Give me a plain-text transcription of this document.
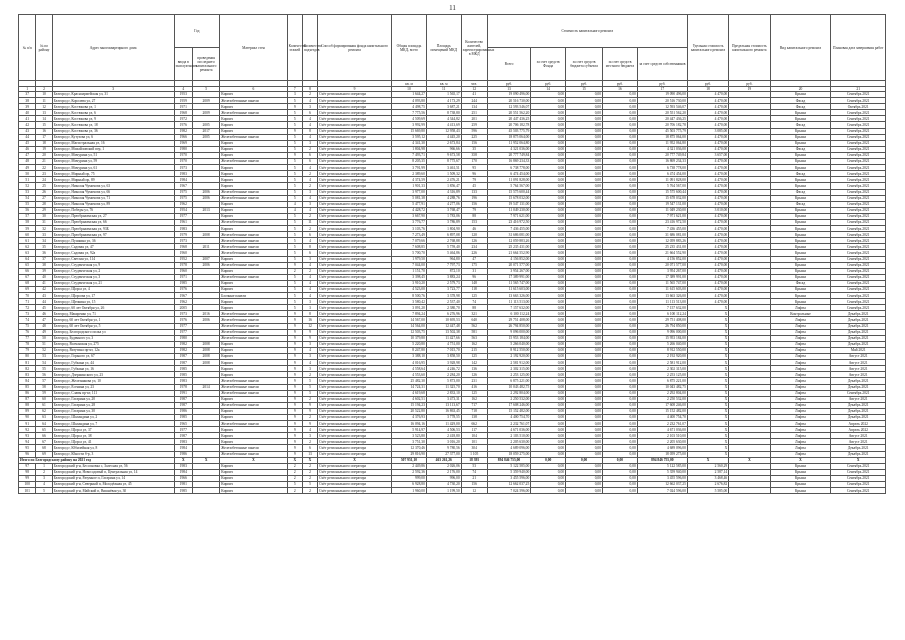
11
№ п/п	№ по району	Адрес многоквартирного дома	Год		Материал стен	Количество этажей	Количество подъездов	Способ формирования фонда капитального ремонта	Общая площадь МКД, всего	Площадь помещений МКД	Количество жителей, зарегистрированных в МКД	Стоимость капитального ремонта					Удельная стоимость капитального ремонта	Предельная стоимость капитального ремонта	Вид капитального ремонта	Плановая дата завершения работ
			ввода в эксплуатацию	проведения последнего капитального ремонта								Всего	за счет средств Фонда	за счет средств бюджета субъекта	за счет средств местного бюджета	за счет средств собственников				
									кв. м	кв. м	чел.	руб.	руб.	руб.	руб.	руб.	руб.	руб.		
1	2	3	4	5	6	7	8	9	10	11	12	13	14	15	16	17	18	19	20	21
37	10	Белгород г, Красноармейская ул, 31	1953		Кирпич	3	2	Счёт регионального оператора	1 644,27	1 565,17	41	19 090 496,00	0,00	0,00	0,00	19 090 496,00	4 470,00		Крыша	Сентябрь 2021
38	11	Белгород г, Королева ул, 27	1959	2009	Железобетонные панели	5	4	Счёт регионального оператора	4 093,80	4 173,29	244	20 516 730,00	0,00	0,00	0,00	20 516 730,00	4 470,00		Фасад	Сентябрь 2021
39	12	Белгород г, Костюкова ул, 1	1971		Кирпич	9	3	Счёт регионального оператора	4 498,75	3 687,21	134	12 593 546,07	0,00	0,00	0,00	12 593 546,07	4 470,00		Фасад	Октябрь 2021
40	13	Белгород г, Костюкова ул, 6	1968	2009	Железобетонные панели	5	6	Счёт регионального оператора	7 775,56	8 738,80	251	20 551 562,20	0,00	0,00	0,00	20 551 562,20	4 470,00		Крыша	Сентябрь 2021
41	14	Белгород г, Костюкова ул, 9	1972		Кирпич	5	4	Счёт регионального оператора	4 509,69	4 344,82	201	20 447 436,25	0,00	0,00	0,00	20 447 436,25	4 470,00		Крыша	Сентябрь 2021
42	15	Белгород г, Костюкова ул, 18	1976	2005	Кирпич	5	4	Счёт регионального оператора	3 992,99	4 413,69	259	20 706 182,78	0,00	0,00	0,00	20 706 182,78	4 470,00		Фасад	Сентябрь 2021
43	16	Белгород г, Костюкова ул, 36	1982	2017	Кирпич	9	8	Счёт регионального оператора	15 669,80	12 958,43	596	45 503 775,79	0,00	0,00	0,00	45 503 775,79	3 085,00		Крыша	Сентябрь 2021
44	17	Белгород г, Кутузова ул, 6	1966	2005	Железобетонные панели	5	4	Счёт регионального оператора	3 595,12	4 445,20	225	18 875 064,00	0,00	0,00	0,00	18 875 064,00	4 470,00		Крыша	Сентябрь 2021
45	18	Белгород г, Магистральная ул, 16	1969		Кирпич	5	3	Счёт регионального оператора	4 341,30	2 673,84	156	11 952 064,80	0,00	0,00	0,00	11 952 064,80	4 470,00		Крыша	Сентябрь 2021
46	19	Белгород г, Михайловский пер, 1	1980		Кирпич	5	2	Счёт регионального оператора	1 804,98	966,66	35	4 321 036,00	0,00	0,00	0,00	4 321 036,00	4 470,00		Фасад	Сентябрь 2021
47	20	Белгород г, Мичурина ул, 51	1970		Кирпич	9	6	Счёт регионального оператора	7 493,71	9 673,58	358	20 777 749,84	0,00	0,00	0,00	20 777 749,84	3 657,00		Крыша	Сентябрь 2021
48	21	Белгород г, Мичурина ул, 59	1970		Железобетонные панели	5	6	Счёт регионального оператора	8 205,35	8 775,67	170	16 869 234,33	0,00	0,00	0,00	16 869 234,33	4 470,00		Крыша	Сентябрь 2021
49	22	Белгород г, Мичурина ул, 61	1973		Кирпич	5	4	Счёт регионального оператора	3 791,99	3 461,51	95	6 738 778,00	0,00	0,00	0,00	6 738 778,00	4 470,00		Крыша	Сентябрь 2021
50	23	Белгород г, Мирный пр, 75	1983		Кирпич	5	2	Счёт регионального оператора	2 389,60	1 509,32	96	6 474 454,00	0,00	0,00	0,00	6 474 454,00	4 470,00		Фасад	Сентябрь 2021
51	24	Белгород г, Мирный пр, 89	1984		Кирпич	5	4	Счёт регионального оператора	4 374,59	2 476,21	79	11 091 828,00	0,00	0,00	0,00	11 091 828,00	4 470,00		Крыша	Сентябрь 2021
52	25	Белгород г, Николая Чумичова ул, 63	1967		Кирпич	5	2	Счёт регионального оператора	1 901,33	1 856,47	45	5 764 567,00	0,00	0,00	0,00	5 764 567,00	4 470,00		Крыша	Сентябрь 2021
53	26	Белгород г, Николая Чумичова ул, 66	1975	2006	Железобетонные панели	5	3	Счёт регионального оператора	3 977,00	4 316,89	133	15 575 600,44	0,00	0,00	0,00	15 575 600,44	4 470,00		Фасад	Сентябрь 2021
54	27	Белгород г, Николая Чумичова ул, 71	1975	2006	Железобетонные панели	5	4	Счёт регионального оператора	5 081,38	4 288,76	196	15 678 032,00	0,00	0,00	0,00	15 678 032,00	4 470,00		Крыша	Сентябрь 2021
55	28	Белгород г, Николая Чумичова ул, 89	1962		Кирпич	4	3	Счёт регионального оператора	5 477,91	4 277,06	156	19 547 131,00	0,00	0,00	0,00	19 547 131,00	4 470,00		Фасад	Сентябрь 2021
56	29	Белгород г, Победы ул, 76	1954	2013	Кирпич	4	4	Счёт регионального оператора	4 428,72	3 768,47	79	11 049 230,00	0,00	0,00	0,00	11 049 230,00	3 010,00		Крыша	Сентябрь 2021
57	30	Белгород г, Преображенская ул, 27	1977		Кирпич	5	2	Счёт регионального оператора	3 667,90	1 783,06	88	7 971 621,00	0,00	0,00	0,00	7 971 621,00	4 470,00		Крыша	Сентябрь 2021
58	31	Белгород г, Преображенская ул, 66	1961		Железобетонные панели	5	11	Счёт регионального оператора	3 776,77	3 786,89	153	23 416 972,50	0,00	0,00	0,00	23 416 972,50	4 470,00		Крыша	Сентябрь 2021
59	32	Белгород г, Преображенская ул, 93Б	1983		Кирпич	5	2	Счёт регионального оператора	3 103,76	1 804,90	46	7 436 455,00	0,00	0,00	0,00	7 436 455,00	4 470,00		Крыша	Сентябрь 2021
60	33	Белгород г, Преображенская ул, 97	1979	2008	Железобетонные панели	5	6	Счёт регионального оператора	7 273,49	6 897,08	120	31 686 081,00	0,00	0,00	0,00	31 686 081,00	4 470,00		Крыша	Сентябрь 2021
61	34	Белгород г, Пушкина ул, 36	1973		Железобетонные панели	5	4	Счёт регионального оператора	7 079,66	2 768,88	126	12 059 883,26	0,00	0,00	0,00	12 059 883,26	4 470,00		Крыша	Сентябрь 2021
62	35	Белгород г, Садовая ул, 47	1968	2011	Железобетонные панели	5	8	Счёт регионального оператора	7 608,85	5 759,40	234	25 235 431,00	0,00	0,00	0,00	25 235 431,00	4 470,00		Крыша	Сентябрь 2021
63	36	Белгород г, Садовая ул, 92а	1960		Железобетонные панели	5	6	Счёт регионального оператора	5 700,70	5 464,86	226	21 664 552,90	0,00	0,00	0,00	21 664 552,90	4 470,00		Крыша	Сентябрь 2021
64	37	Белгород г, Светлая ул, 114	1952	2007	Кирпич	5	3	Счёт регионального оператора	1 979,50	964,80	47	4 156 852,00	0,00	0,00	0,00	4 156 852,00	4 470,00		Крыша	Сентябрь 2021
65	38	Белгород г, Студенческая ул, 9	1978	2006	Железобетонные панели	9	4	Счёт регионального оператора	7 044,00	7 797,73	175	20 071 577,00	0,00	0,00	0,00	20 071 577,00	4 470,00		Крыша	Сентябрь 2021
66	39	Белгород г, Студенческая ул, 2	1960		Кирпич	2	2	Счёт регионального оператора	1 151,70	872,10	31	3 954 267,00	0,00	0,00	0,00	3 954 267,00	4 470,00		Крыша	Сентябрь 2021
67	40	Белгород г, Студенческая ул, 3	1971		Железобетонные панели	5	4	Счёт регионального оператора	3 398,45	3 883,24	96	17 389 991,00	0,00	0,00	0,00	17 389 991,00	4 470,00		Крыша	Сентябрь 2021
68	41	Белгород г, Студенческая ул, 21	1985		Кирпич	5	4	Счёт регионального оператора	3 910,20	2 579,73	148	11 565 747,00	0,00	0,00	0,00	11 565 747,00	4 470,00		Фасад	Сентябрь 2021
69	42	Белгород г, Щорса ул, 4	1976		Кирпич	5	4	Счёт регионального оператора	4 523,00	3 723,77	118	11 615 603,00	0,00	0,00	0,00	11 615 603,00	4 470,00		Крыша	Сентябрь 2021
70	43	Белгород г, Щорсова ул, 17	1967		Блочные панели	5	4	Счёт регионального оператора	8 500,76	3 378,98	125	13 663 326,00	0,00	0,00	0,00	13 663 326,00	4 470,00		Крыша	Сентябрь 2021
71	44	Белгород г, Щепкина ул, 15	1962		Кирпич	5	3	Счёт регионального оператора	3 580,42	2 537,40	74	11 113 513,00	0,00	0,00	0,00	11 113 513,00	4 470,00		Крыша	Сентябрь 2021
72	45	Белгород г, 60 лет Октября ул, 26	2005		Кирпич	5	3	Счёт регионального оператора	3 091,20	2 380,70	88	7 157 632,00	0,00	0,00	0,00	7 157 632,00	X		Лифты	Сентябрь 2021
73	46	Белгород, Макаренко ул, 71	1973	2016	Железобетонные панели	9	8	Счёт регионального оператора	7 894,24	6 276,96	321	6 100 112,24	0,00	0,00	0,00	6 100 112,24	X		Контрольные	Декабрь 2021
74	47	Белгород, 60 лет Октября ул, 1	1976	2006	Железобетонные панели	9	16	Счёт регионального оператора	14 567,00	10 695,53	640	29 751 408,00	0,00	0,00	0,00	29 751 408,00	X		Лифты	Декабрь 2021
75	48	Белгород, 60 лет Октября ул, 5	1977		Железобетонные панели	9	12	Счёт регионального оператора	14 564,00	12 447,48	562	26 794 850,00	0,00	0,00	0,00	26 794 850,00	X		Лифты	Декабрь 2021
76	49	Белгород, Белгородского полка ул	1977		Железобетонные панели	9	9	Счёт регионального оператора	12 503,75	13 502,38	581	9 096 000,00	0,00	0,00	0,00	9 096 000,00	X		Лифты	Декабрь 2021
77	50	Белгород, Буденного ул, 3	1980		Железобетонные панели	9	9	Счёт регионального оператора	10 379,80	11 427,66	563	15 953 184,00	0,00	0,00	0,00	15 953 184,00	X		Лифты	Декабрь 2021
78	51	Белгород, Волчанская ул, 275	1982	2008	Кирпич	9	3	Счёт регионального оператора	5 220,80	4 751,00	162	5 266 040,00	0,00	0,00	0,00	5 266 040,00	X		Лифты	Декабрь 2021
79	52	Белгород, Ватутина пр-кт, 12а	1982	2008	Кирпич	9	4	Счёт регионального оператора	8 247,80	7 015,70	215	8 912 550,00	0,00	0,00	0,00	8 912 550,00	X		Лифты	Май 2021
80	53	Белгород г, Горького ул, 67	1987	2008	Кирпич	9	3	Счёт регионального оператора	3 388,10	3 858,50	125	2 192 920,00	0,00	0,00	0,00	2 192 920,00	X		Лифты	Август 2021
81	54	Белгород г, Губкина ул, 44	1987	2008	Кирпич	9	4	Счёт регионального оператора	4 016,95	3 928,98	142	2 581 912,00	0,00	0,00	0,00	2 581 912,00	X		Лифты	Август 2021
82	55	Белгород г, Губкина ул, 16	1985		Кирпич	9	3	Счёт регионального оператора	4 558,64	4 246,72	136	2 302 315,00	0,00	0,00	0,00	2 302 315,00	X		Лифты	Август 2021
83	56	Белгород г, Дзержинского ул, 23	1985		Кирпич	9	2	Счёт регионального оператора	4 553,60	2 284,20	126	2 253 125,00	0,00	0,00	0,00	2 253 125,00	X		Лифты	Август 2021
84	57	Белгород г, Железнякова ул, 10	1983		Железобетонные панели	9	5	Счёт регионального оператора	25 482,30	5 873,00	231	6 875 221,00	0,00	0,00	0,00	6 875 221,00	X		Лифты	Декабрь 2021
85	58	Белгород г, Есенина ул, 23	1978	2014	Железобетонные панели	9	5	Счёт регионального оператора	14 724,31	11 325,70	416	10 043 482,75	0,00	0,00	0,00	10 043 482,75	X		Лифты	Декабрь 2021
86	59	Белгород г, Славы пр-кт, 111	1991		Железобетонные панели	9	5	Счёт регионального оператора	4 619,68	2 833,10	125	2 292 804,00	0,00	0,00	0,00	2 292 804,00	X		Лифты	Сентябрь 2021
87	60	Белгород г, Гагарина ул, 20	1987		Кирпич	9	2	Счёт регионального оператора	4 602,51	3 473,31	162	2 250 532,00	0,00	0,00	0,00	2 250 532,00	X		Лифты	Август 2021
88	61	Белгород г, Гагарина ул, 28	1987		Железобетонные панели	9	9	Счёт регионального оператора	15 194,23	13 113,67	717	17 608 246,00	0,00	0,00	0,00	17 608 246,00	X		Лифты	Декабрь 2021
89	62	Белгород г, Гагарина ул, 30	1986		Кирпич	9	9	Счёт регионального оператора	20 522,80	16 863,45	718	15 152 482,00	0,00	0,00	0,00	15 152 482,00	X		Лифты	Декабрь 2021
90	63	Белгород г, Шаландина ул, 2	1985		Кирпич	9	2	Счёт регионального оператора	4 376,93	3 778,55	138	4 400 754,70	0,00	0,00	0,00	4 400 754,70	X		Лифты	Декабрь 2021
91	64	Белгород г, Шаландина ул, 7	1965		Железобетонные панели	9	9	Счёт регионального оператора	16 094,16	11 429,00	662	2 232 761,07	0,00	0,00	0,00	2 232 761,07	X		Лифты	Апрель 2022
92	65	Белгород г, Щорса ул, 37	1977		Кирпич	9	4	Счёт регионального оператора	5 914,97	4 506,53	117	4 671 036,00	0,00	0,00	0,00	4 671 036,00	X		Лифты	Апрель 2022
93	66	Белгород г, Щорса ул, 38	1987		Кирпич	9	3	Счёт регионального оператора	3 523,80	2 418,80	104	2 103 510,00	0,00	0,00	0,00	2 103 510,00	X		Лифты	Август 2021
94	67	Белгород г, Щорса ул, 41	1983		Кирпич	9	2	Счёт регионального оператора	3 751,30	3 016,20	101	2 205 630,00	0,00	0,00	0,00	2 205 630,00	X		Лифты	Август 2021
95	68	Белгород г, Юбилейная ул, 8	1984		Железобетонные панели	9	6	Счёт регионального оператора	12 370,46	9 780,56	304	4 689 096,00	0,00	0,00	0,00	4 689 096,00	X		Лифты	Декабрь 2021
96	69	Белгород г, Юности б-р, 3	1986		Железобетонные панели	9	13	Счёт регионального оператора	29 816,90	27 377,00	1 105	18 059 275,00	0,00	0,00	0,00	18 059 275,00	X		Лифты	Декабрь 2021
Итого по Белгородскому району на 2021 год			X	X	X	X	X	X	507 951,10	463 261,26	18 395	894 846 755,00	0,00	0,00	0,00	894 846 755,00	X	X	X	X
97	1	Белгородский р-н, Бессоновка с, Залесная ул, 56	1983		Кирпич	2	2	Счёт регионального оператора	2 449,86	2 026,06	53	5 122 585,00	0,00	0,00	0,00	5 122 585,00	2 560,29		Крыша	Сентябрь 2021
98	2	Белгородский р-н, Новосадовый п, Центральная ул, 14	1984		Кирпич	2	2	Счёт регионального оператора	2 592,36	2 176,00	74	5 359 940,00	0,00	0,00	0,00	5 359 940,00	2 587,14		Крыша	Сентябрь 2021
99	3	Белгородский р-н, Разумное п, Гагарина ул, 14	1966		Кирпич	2	2	Счёт регионального оператора	999,00	996,00	21	3 455 596,00	0,00	0,00	0,00	3 455 596,00	3 468,46		Крыша	Сентябрь 2021
100	4	Белгородский р-н, Северный п, Молодёжная ул, 45	1981		Кирпич	5	5	Счёт регионального оператора	6 928,80	4 730,20	156	12 662 037,25	0,00	0,00	0,00	12 662 037,25	2 676,82		Крыша	Сентябрь 2021
101	5	Белгородский р-н, Майский п, Вишнёвая ул, 30	1985		Кирпич	2	2	Счёт регионального оператора	1 960,00	1 199,50	12	7 024 596,00	0,00	0,00	0,00	7 024 596,00	5 585,00		Крыша	Сентябрь 2021
